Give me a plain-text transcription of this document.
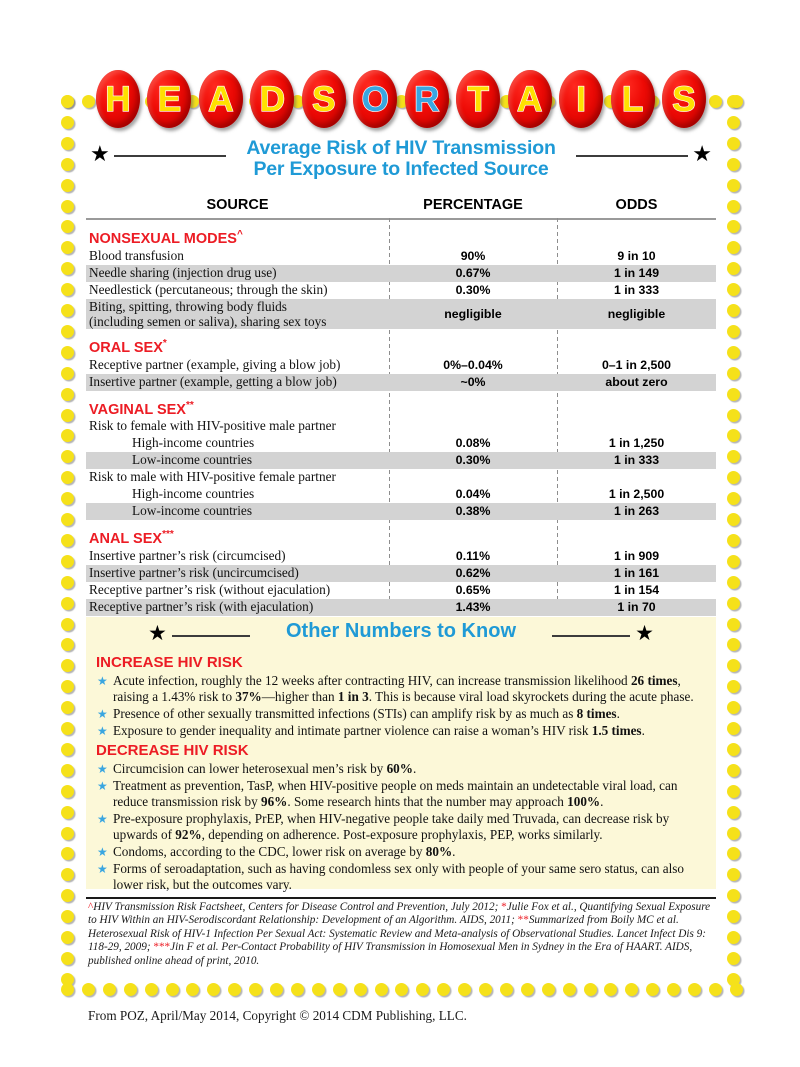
H E A D S O R T A I L S
★	★
Average Risk of HIV Transmission
Per Exposure to Infected Source
SOURCE	PERCENTAGE	ODDS
NONSEXUAL MODES^
Blood transfusion	90%	9 in 10
Needle sharing (injection drug use)	0.67%	1 in 149
Needlestick (percutaneous; through the skin)	0.30%	1 in 333
Biting, spitting, throwing body fluids
(including semen or saliva), sharing sex toys	negligible	negligible
ORAL SEX*
Receptive partner (example, giving a blow job)	0%–0.04%	0–1 in 2,500
Insertive partner (example, getting a blow job)	~0%	about zero
VAGINAL SEX**
Risk to female with HIV-positive male partner
High-income countries	0.08%	1 in 1,250
Low-income countries	0.30%	1 in 333
Risk to male with HIV-positive female partner
High-income countries	0.04%	1 in 2,500
Low-income countries	0.38%	1 in 263
ANAL SEX***
Insertive partner’s risk (circumcised)	0.11%	1 in 909
Insertive partner’s risk (uncircumcised)	0.62%	1 in 161
Receptive partner’s risk (without ejaculation)	0.65%	1 in 154
Receptive partner’s risk (with ejaculation)	1.43%	1 in 70
★	Other Numbers to Know	★
INCREASE HIV RISK
★ Acute infection, roughly the 12 weeks after contracting HIV, can increase transmission likelihood 26 times, raising a 1.43% risk to 37%—higher than 1 in 3. This is because viral load skyrockets during the acute phase.
★ Presence of other sexually transmitted infections (STIs) can amplify risk by as much as 8 times.
★ Exposure to gender inequality and intimate partner violence can raise a woman’s HIV risk 1.5 times.
DECREASE HIV RISK
★ Circumcision can lower heterosexual men’s risk by 60%.
★ Treatment as prevention, TasP, when HIV-positive people on meds maintain an undetectable viral load, can reduce transmission risk by 96%. Some research hints that the number may approach 100%.
★ Pre-exposure prophylaxis, PrEP, when HIV-negative people take daily med Truvada, can decrease risk by upwards of 92%, depending on adherence. Post-exposure prophylaxis, PEP, works similarly.
★ Condoms, according to the CDC, lower risk on average by 80%.
★ Forms of seroadaptation, such as having condomless sex only with people of your same sero status, can also lower risk, but the outcomes vary.
^HIV Transmission Risk Factsheet, Centers for Disease Control and Prevention, July 2012; *Julie Fox et al., Quantifying Sexual Exposure to HIV Within an HIV-Serodiscordant Relationship: Development of an Algorithm. AIDS, 2011; **Summarized from Boily MC et al. Heterosexual Risk of HIV-1 Infection Per Sexual Act: Systematic Review and Meta-analysis of Observational Studies. Lancet Infect Dis 9: 118-29, 2009; ***Jin F et al. Per-Contact Probability of HIV Transmission in Homosexual Men in Sydney in the Era of HAART. AIDS, published online ahead of print, 2010.
From POZ, April/May 2014, Copyright © 2014 CDM Publishing, LLC.
